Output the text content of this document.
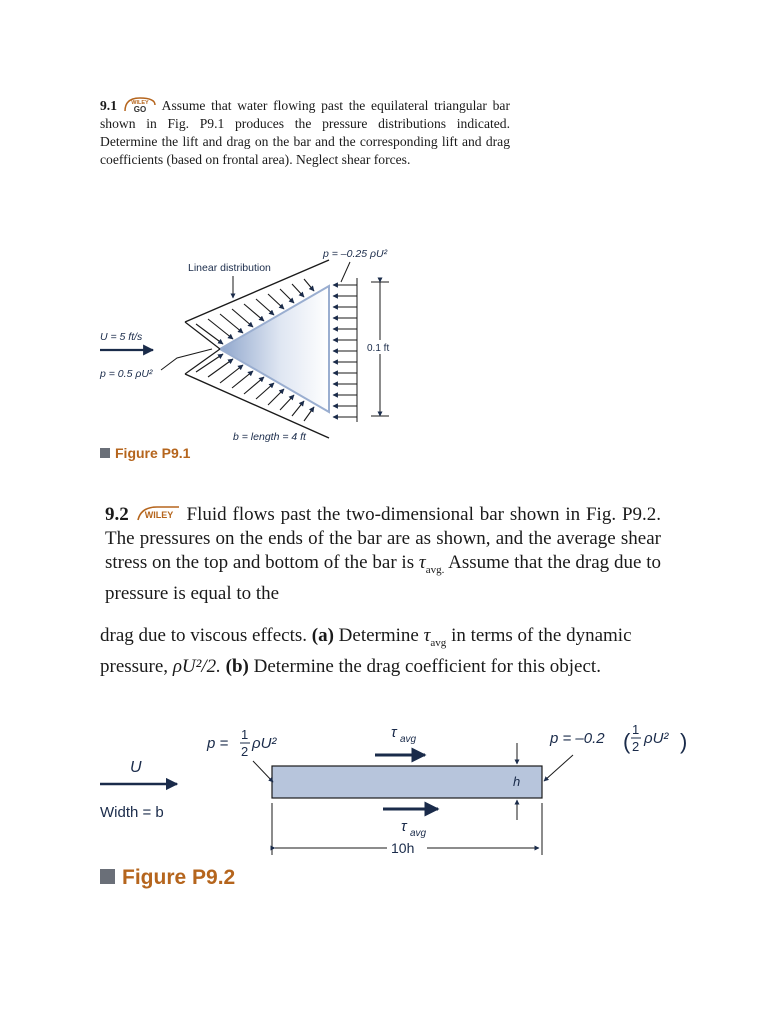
9.1	WILEY
GO Assume that water flowing past the equilateral triangular bar shown in Fig. P9.1 produces the pressure distributions indicated. Determine the lift and drag on the bar and the corresponding lift and drag coefficients (based on frontal area). Neglect shear forces.
0.1 ft
p = –0.25 ρU²
Linear distribution
U = 5 ft/s
p = 0.5 ρU²
b = length = 4 ft
Figure P9.1
9.2 WILEY Fluid flows past the two-dimensional bar shown in Fig. P9.2. The pressures on the ends of the bar are as shown, and the average shear stress on the top and bottom of the bar is $\tau_{avg.}$ Assume that the drag due to pressure is equal to the
drag due to viscous effects. (a) Determine $\tau_{avg}$ in terms of the dynamic pressure, ρU²/2. (b) Determine the drag coefficient for this object.
p =
1
2 ρU²
τ avg
τ avg
p = –0.2 ( 1
2 ρU² )
U
Width = b
h
10h
Figure P9.2
